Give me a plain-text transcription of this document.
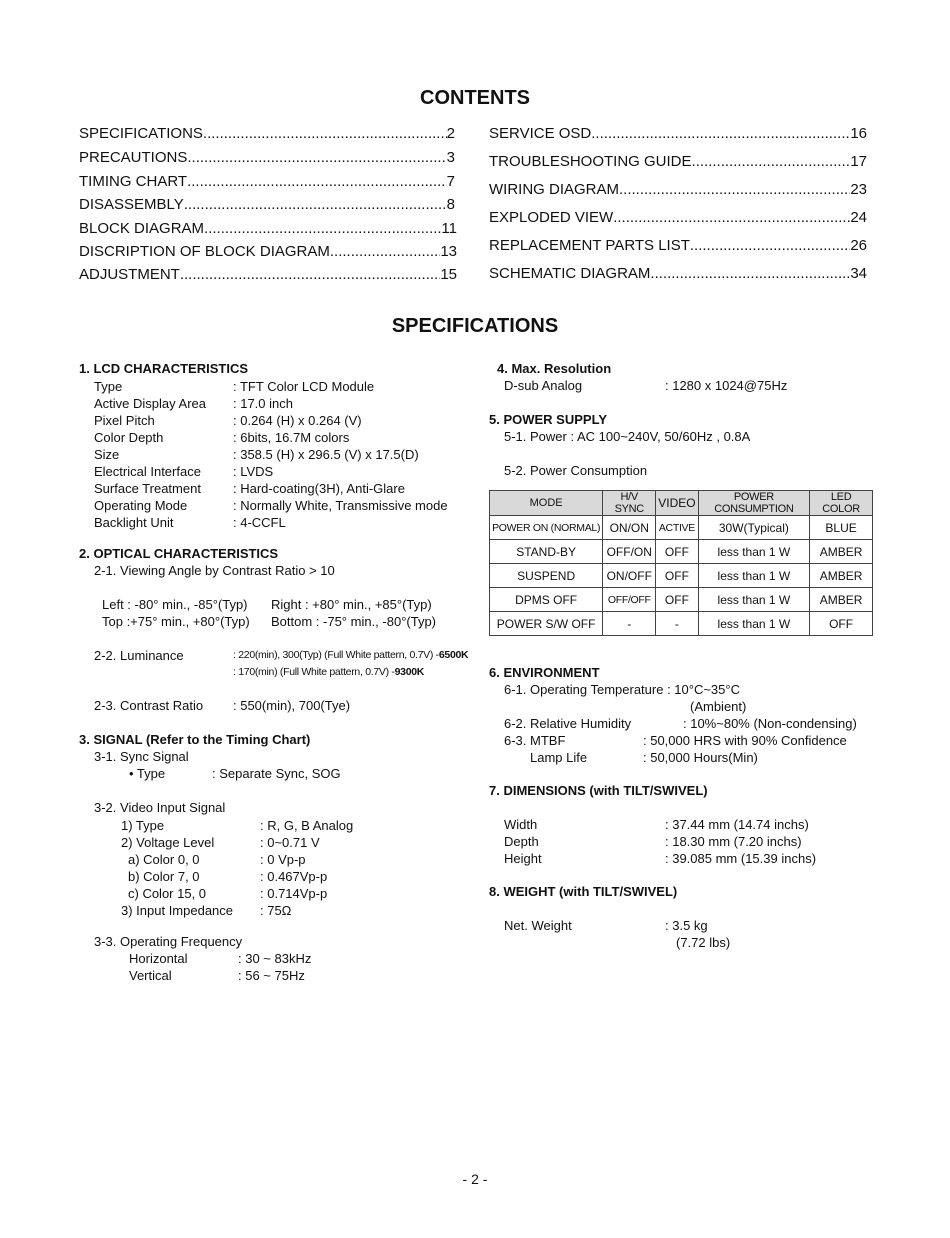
CONTENTS
SPECIFICATIONS .....	2
PRECAUTIONS .....	3
TIMING CHART .....	7
DISASSEMBLY .....	8
BLOCK DIAGRAM .....	11
DISCRIPTION OF BLOCK DIAGRAM .....	13
ADJUSTMENT .....	15
SERVICE OSD .....	16
TROUBLESHOOTING GUIDE .....	17
WIRING DIAGRAM .....	23
EXPLODED VIEW .....	24
REPLACEMENT PARTS LIST .....	26
SCHEMATIC DIAGRAM .....	34
SPECIFICATIONS
1. LCD CHARACTERISTICS
Type	: TFT Color LCD Module
Active Display Area : 17.0 inch
Pixel Pitch	: 0.264 (H) x 0.264 (V)
Color Depth	: 6bits, 16.7M colors
Size	: 358.5 (H) x 296.5 (V) x 17.5(D)
Electrical Interface : LVDS
Surface Treatment : Hard-coating(3H), Anti-Glare
Operating Mode	: Normally White, Transmissive mode
Backlight Unit	: 4-CCFL
2. OPTICAL CHARACTERISTICS
2-1. Viewing Angle by Contrast Ratio > 10
Left : -80° min., -85°(Typ) Right : +80° min., +85°(Typ)
Top :+75° min., +80°(Typ) Bottom : -75° min., -80°(Typ)
2-2. Luminance	: 220(min), 300(Typ) (Full White pattern, 0.7V) -6500K
: 170(min) (Full White pattern, 0.7V) -9300K
2-3. Contrast Ratio : 550(min), 700(Tye)
3. SIGNAL (Refer to the Timing Chart)
3-1. Sync Signal
• Type	: Separate Sync, SOG
3-2. Video Input Signal
1) Type	: R, G, B Analog
2) Voltage Level	: 0~0.71 V
a) Color 0, 0	: 0 Vp-p
b) Color 7, 0	: 0.467Vp-p
c) Color 15, 0	: 0.714Vp-p
3) Input Impedance : 75Ω
3-3. Operating Frequency
Horizontal	: 30 ~ 83kHz
Vertical	: 56 ~ 75Hz
4. Max. Resolution
D-sub Analog	: 1280 x 1024@75Hz
5. POWER SUPPLY
5-1. Power : AC 100~240V, 50/60Hz , 0.8A
5-2. Power Consumption
MODE	H/V SYNC	VIDEO	POWER CONSUMPTION	LED COLOR
POWER ON (NORMAL)	ON/ON	ACTIVE	30W(Typical)	BLUE
STAND-BY	OFF/ON	OFF	less than 1 W	AMBER
SUSPEND	ON/OFF	OFF	less than 1 W	AMBER
DPMS OFF	OFF/OFF	OFF	less than 1 W	AMBER
POWER S/W OFF	-	-	less than 1 W	OFF
6. ENVIRONMENT
6-1. Operating Temperature : 10°C~35°C
(Ambient)
6-2. Relative Humidity	: 10%~80% (Non-condensing)
6-3. MTBF	: 50,000 HRS with 90% Confidence
Lamp Life	: 50,000 Hours(Min)
7. DIMENSIONS (with TILT/SWIVEL)
Width	: 37.44 mm (14.74 inchs)
Depth	: 18.30 mm (7.20 inchs)
Height	: 39.085 mm (15.39 inchs)
8. WEIGHT (with TILT/SWIVEL)
Net. Weight	: 3.5 kg
(7.72 lbs)
- 2 -
